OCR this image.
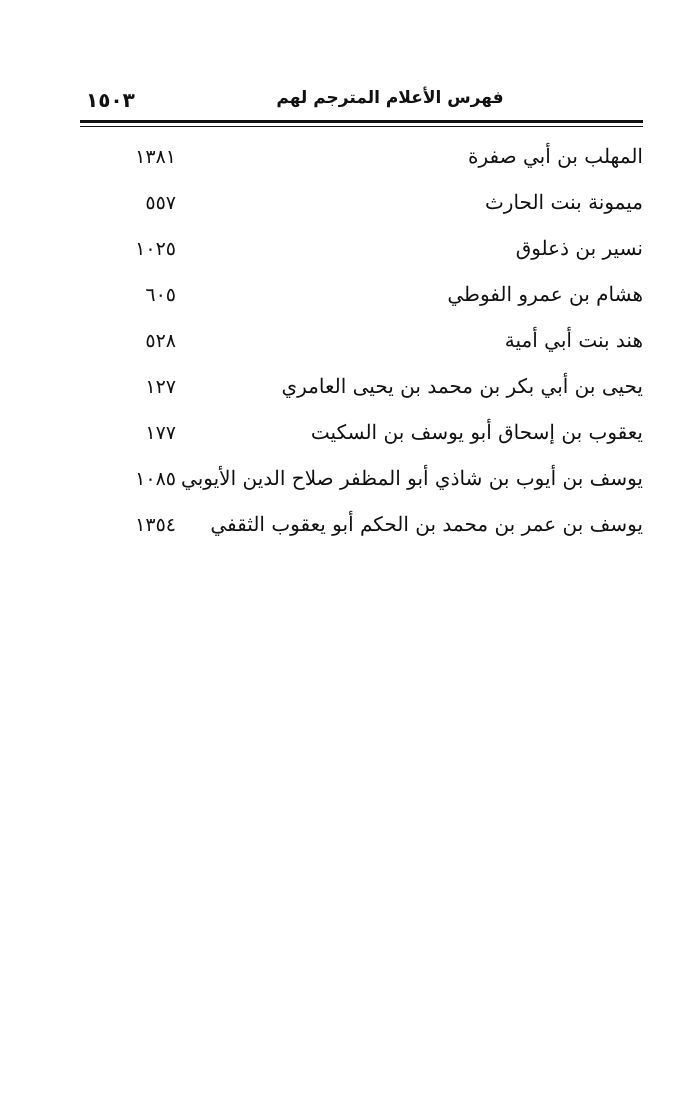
١٥٠٣	فهرس الأعلام المترجم لهم
المهلب بن أبي صفرة
١٣٨١
ميمونة بنت الحارث
٥٥٧
نسير بن ذعلوق
١٠٢٥
هشام بن عمرو الفوطي
٦٠٥
هند بنت أبي أمية
٥٢٨
يحيى بن أبي بكر بن محمد بن يحيى العامري
١٢٧
يعقوب بن إسحاق أبو يوسف بن السكيت
١٧٧
يوسف بن أيوب بن شاذي أبو المظفر صلاح الدين الأيوبي
١٠٨٥
يوسف بن عمر بن محمد بن الحكم أبو يعقوب الثقفي
١٣٥٤
